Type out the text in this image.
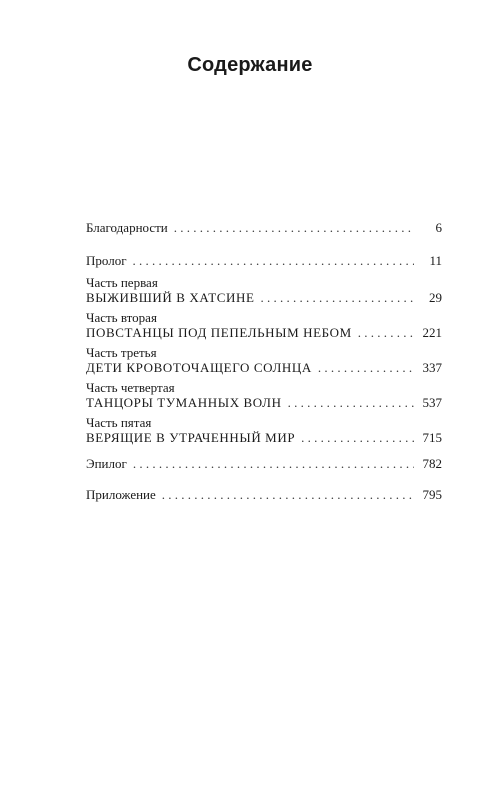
Содержание
Благодарности . . .	6
Пролог . . .	11
Часть первая
ВЫЖИВШИЙ В ХАТСИНЕ . . .	29
Часть вторая
ПОВСТАНЦЫ ПОД ПЕПЕЛЬНЫМ НЕБОМ . . .	221
Часть третья
ДЕТИ КРОВОТОЧАЩЕГО СОЛНЦА . . .	337
Часть четвертая
ТАНЦОРЫ ТУМАННЫХ ВОЛН . . .	537
Часть пятая
ВЕРЯЩИЕ В УТРАЧЕННЫЙ МИР . . .	715
Эпилог . . .	782
Приложение . . .	795
